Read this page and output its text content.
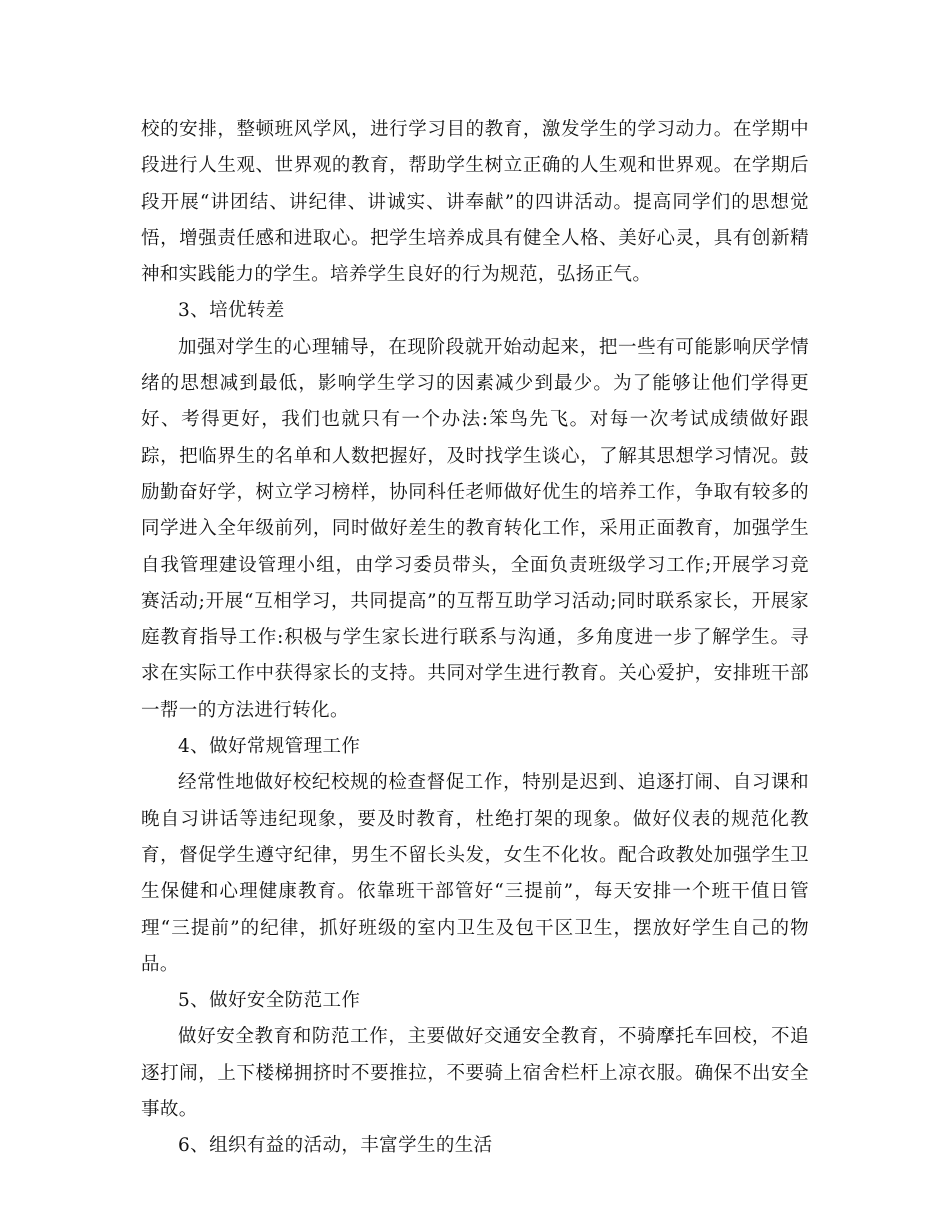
校的安排，整顿班风学风，进行学习目的教育，激发学生的学习动力。在学期中段进行人生观、世界观的教育，帮助学生树立正确的人生观和世界观。在学期后段开展“讲团结、讲纪律、讲诚实、讲奉献”的四讲活动。提高同学们的思想觉悟，增强责任感和进取心。把学生培养成具有健全人格、美好心灵，具有创新精神和实践能力的学生。培养学生良好的行为规范，弘扬正气。

3、培优转差

加强对学生的心理辅导，在现阶段就开始动起来，把一些有可能影响厌学情绪的思想减到最低，影响学生学习的因素减少到最少。为了能够让他们学得更好、考得更好，我们也就只有一个办法:笨鸟先飞。对每一次考试成绩做好跟踪，把临界生的名单和人数把握好，及时找学生谈心，了解其思想学习情况。鼓励勤奋好学，树立学习榜样，协同科任老师做好优生的培养工作，争取有较多的同学进入全年级前列，同时做好差生的教育转化工作，采用正面教育，加强学生自我管理建设管理小组，由学习委员带头，全面负责班级学习工作;开展学习竞赛活动;开展“互相学习，共同提高”的互帮互助学习活动;同时联系家长，开展家庭教育指导工作:积极与学生家长进行联系与沟通，多角度进一步了解学生。寻求在实际工作中获得家长的支持。共同对学生进行教育。关心爱护，安排班干部一帮一的方法进行转化。

4、做好常规管理工作

经常性地做好校纪校规的检查督促工作，特别是迟到、追逐打闹、自习课和晚自习讲话等违纪现象，要及时教育，杜绝打架的现象。做好仪表的规范化教育，督促学生遵守纪律，男生不留长头发，女生不化妆。配合政教处加强学生卫生保健和心理健康教育。依靠班干部管好“三提前”，每天安排一个班干值日管理“三提前”的纪律，抓好班级的室内卫生及包干区卫生，摆放好学生自己的物品。

5、做好安全防范工作

做好安全教育和防范工作，主要做好交通安全教育，不骑摩托车回校，不追逐打闹，上下楼梯拥挤时不要推拉，不要骑上宿舍栏杆上凉衣服。确保不出安全事故。

6、组织有益的活动，丰富学生的生活
